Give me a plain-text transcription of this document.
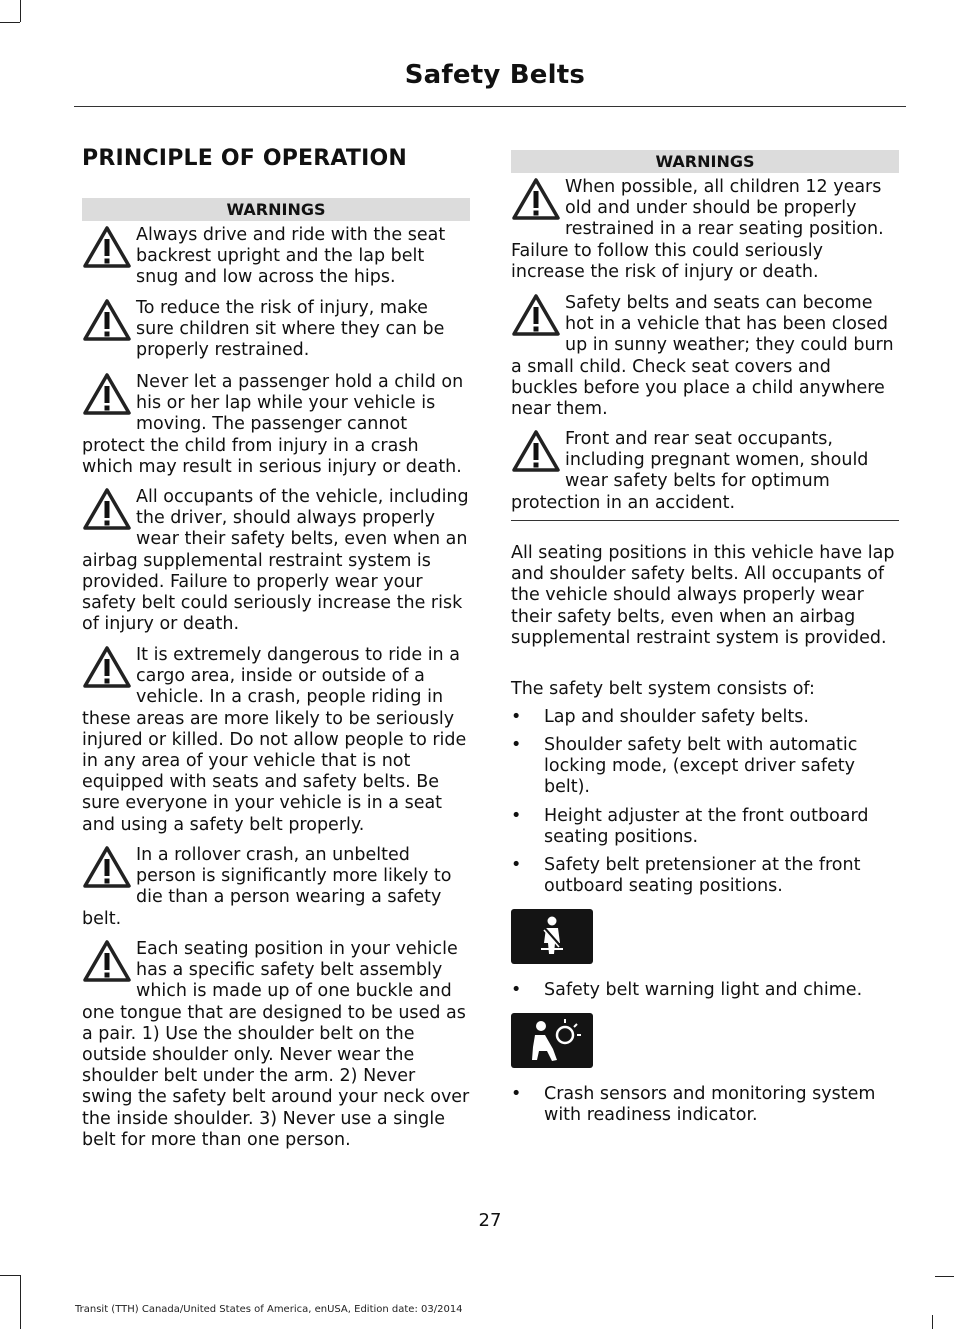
Safety Belts
PRINCIPLE OF OPERATION
WARNINGS

Always drive and ride with the seat backrest upright and the lap belt snug and low across the hips.

To reduce the risk of injury, make sure children sit where they can be properly restrained.

Never let a passenger hold a child on his or her lap while your vehicle is moving. The passenger cannot protect the child from injury in a crash which may result in serious injury or death.

All occupants of the vehicle, including the driver, should always properly wear their safety belts, even when an airbag supplemental restraint system is provided. Failure to properly wear your safety belt could seriously increase the risk of injury or death.

It is extremely dangerous to ride in a cargo area, inside or outside of a vehicle. In a crash, people riding in these areas are more likely to be seriously injured or killed. Do not allow people to ride in any area of your vehicle that is not equipped with seats and safety belts. Be sure everyone in your vehicle is in a seat and using a safety belt properly.

In a rollover crash, an unbelted person is significantly more likely to die than a person wearing a safety belt.

Each seating position in your vehicle has a specific safety belt assembly which is made up of one buckle and one tongue that are designed to be used as a pair. 1) Use the shoulder belt on the outside shoulder only. Never wear the shoulder belt under the arm. 2) Never swing the safety belt around your neck over the inside shoulder. 3) Never use a single belt for more than one person.

WARNINGS

When possible, all children 12 years old and under should be properly restrained in a rear seating position. Failure to follow this could seriously increase the risk of injury or death.

Safety belts and seats can become hot in a vehicle that has been closed up in sunny weather; they could burn a small child. Check seat covers and buckles before you place a child anywhere near them.

Front and rear seat occupants, including pregnant women, should wear safety belts for optimum protection in an accident.

All seating positions in this vehicle have lap and shoulder safety belts. All occupants of the vehicle should always properly wear their safety belts, even when an airbag supplemental restraint system is provided.

The safety belt system consists of:

• Lap and shoulder safety belts.
• Shoulder safety belt with automatic locking mode, (except driver safety belt).
• Height adjuster at the front outboard seating positions.
• Safety belt pretensioner at the front outboard seating positions.
• Safety belt warning light and chime.
• Crash sensors and monitoring system with readiness indicator.
27
Transit (TTH) Canada/United States of America, enUSA, Edition date: 03/2014
